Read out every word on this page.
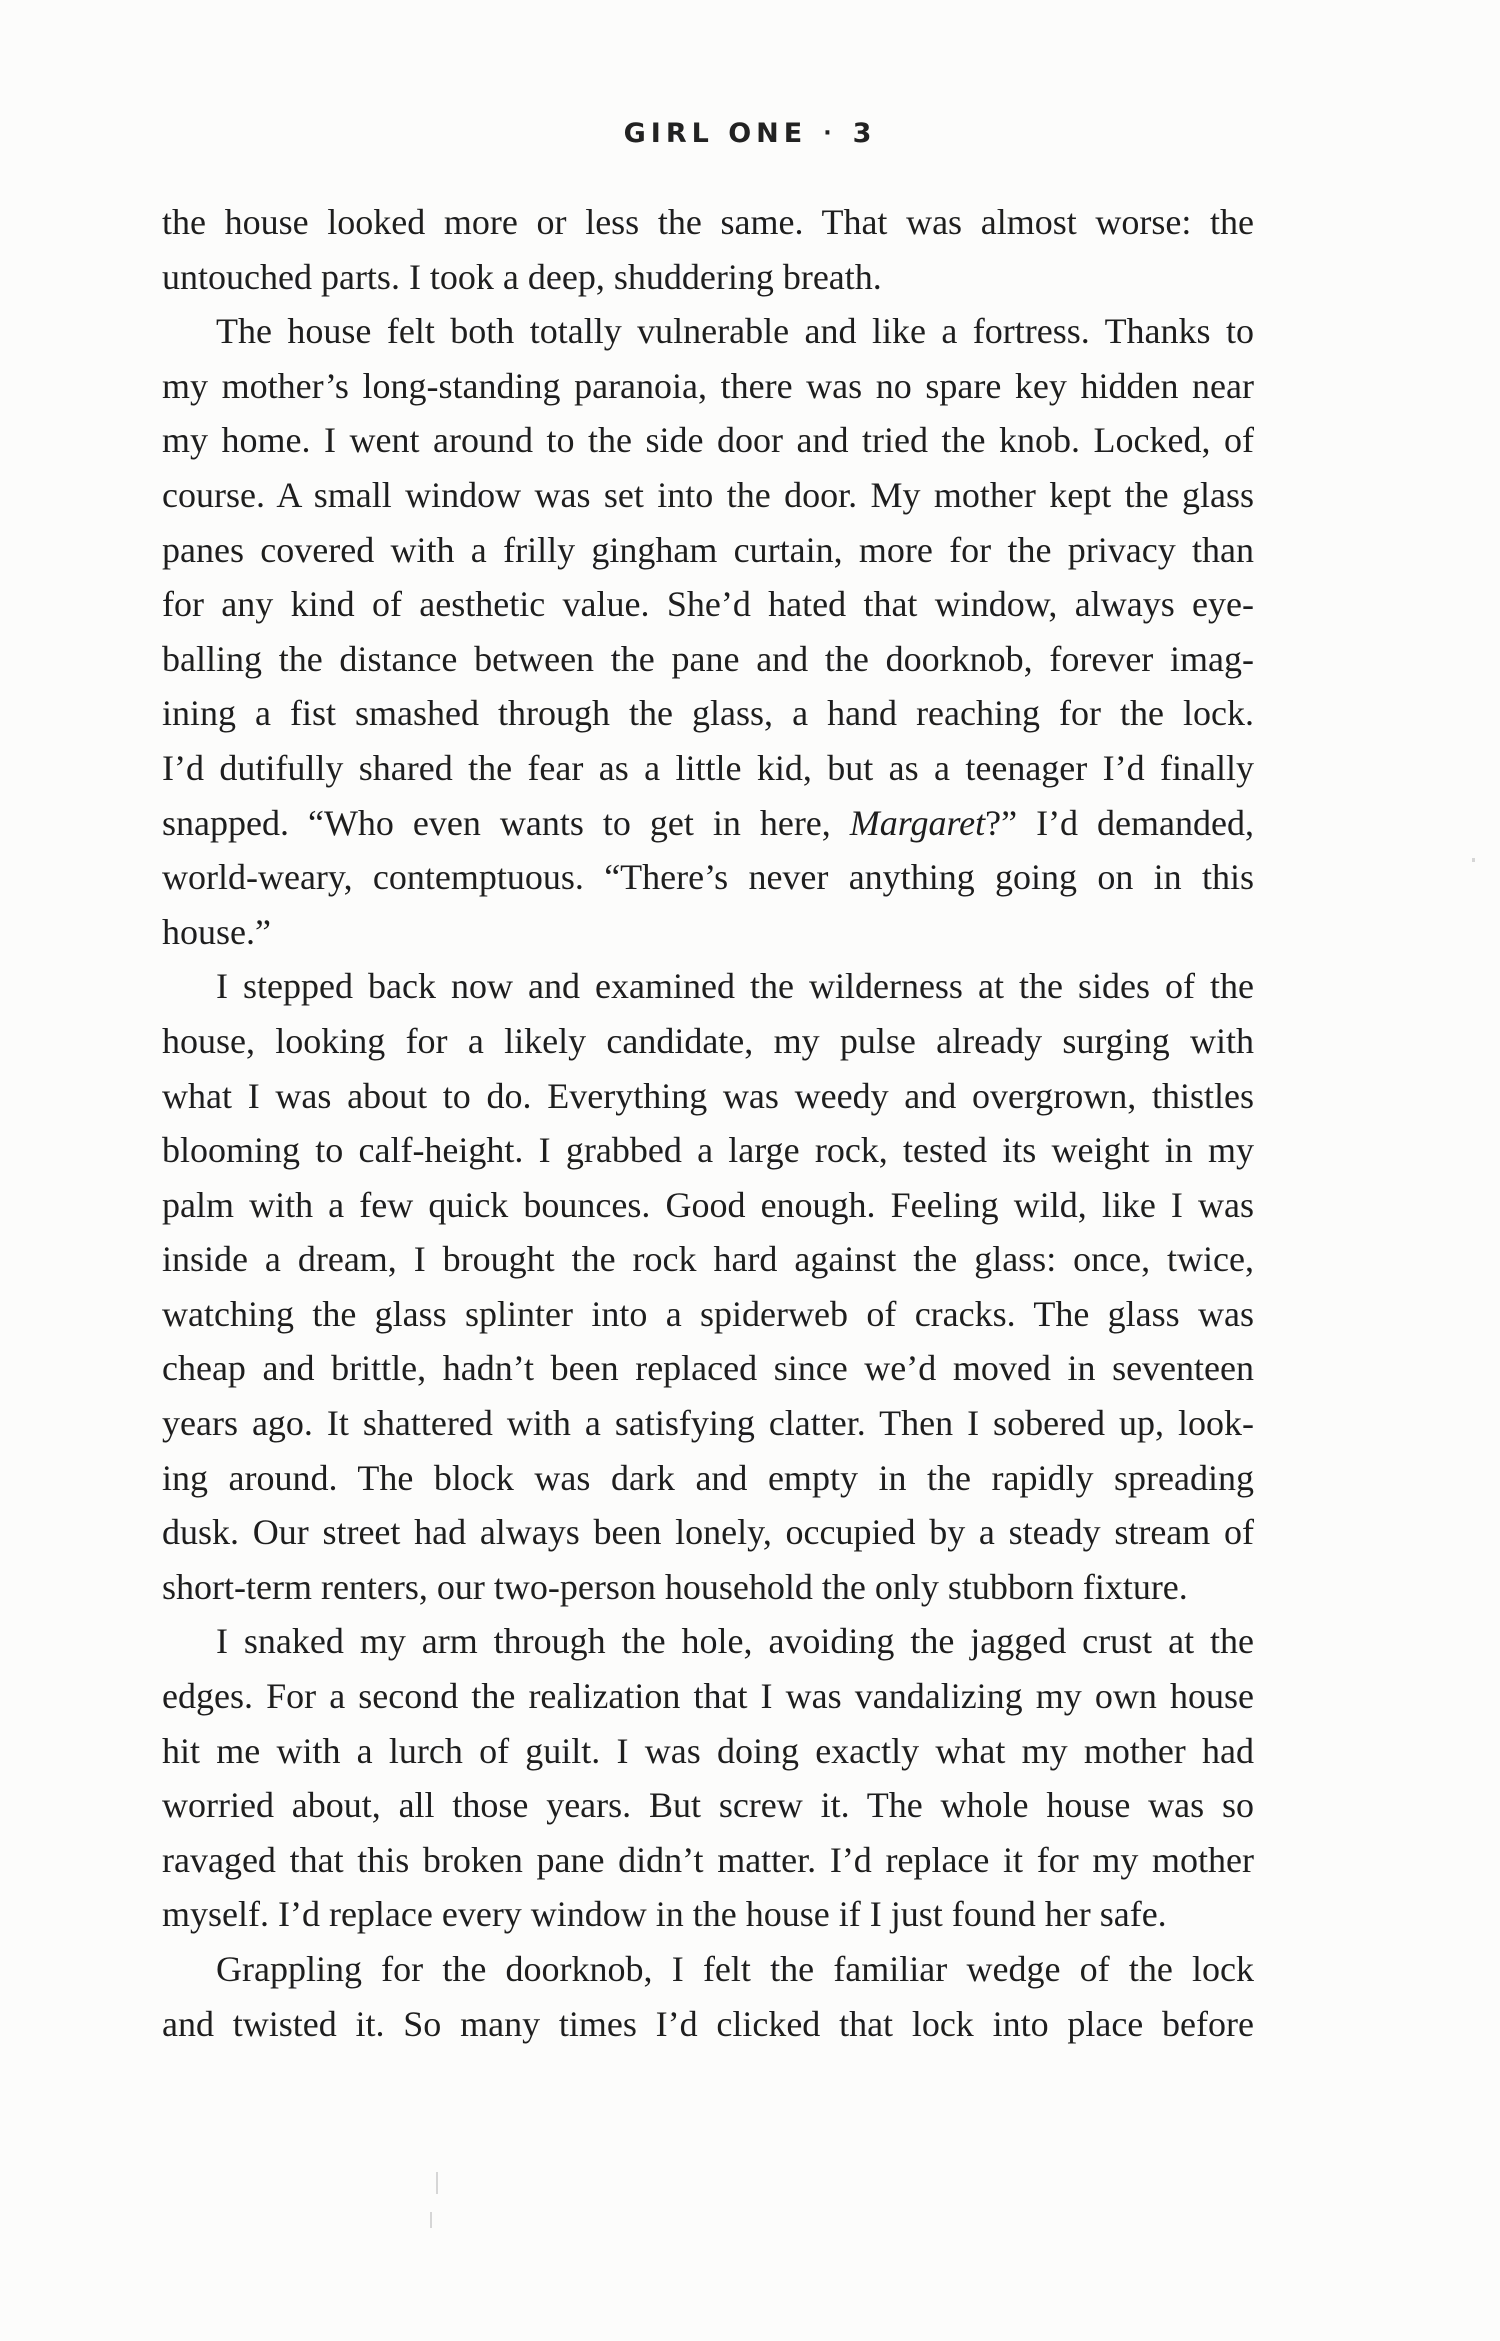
GIRL ONE · 3
the house looked more or less the same. That was almost worse: the
untouched parts. I took a deep, shuddering breath.
The house felt both totally vulnerable and like a fortress. Thanks to
my mother’s long-standing paranoia, there was no spare key hidden near
my home. I went around to the side door and tried the knob. Locked, of
course. A small window was set into the door. My mother kept the glass
panes covered with a frilly gingham curtain, more for the privacy than
for any kind of aesthetic value. She’d hated that window, always eye-
balling the distance between the pane and the doorknob, forever imag-
ining a fist smashed through the glass, a hand reaching for the lock.
I’d dutifully shared the fear as a little kid, but as a teenager I’d finally
snapped. “Who even wants to get in here, Margaret?” I’d demanded,
world-weary, contemptuous. “There’s never anything going on in this
house.”
I stepped back now and examined the wilderness at the sides of the
house, looking for a likely candidate, my pulse already surging with
what I was about to do. Everything was weedy and overgrown, thistles
blooming to calf-height. I grabbed a large rock, tested its weight in my
palm with a few quick bounces. Good enough. Feeling wild, like I was
inside a dream, I brought the rock hard against the glass: once, twice,
watching the glass splinter into a spiderweb of cracks. The glass was
cheap and brittle, hadn’t been replaced since we’d moved in seventeen
years ago. It shattered with a satisfying clatter. Then I sobered up, look-
ing around. The block was dark and empty in the rapidly spreading
dusk. Our street had always been lonely, occupied by a steady stream of
short-term renters, our two-person household the only stubborn fixture.
I snaked my arm through the hole, avoiding the jagged crust at the
edges. For a second the realization that I was vandalizing my own house
hit me with a lurch of guilt. I was doing exactly what my mother had
worried about, all those years. But screw it. The whole house was so
ravaged that this broken pane didn’t matter. I’d replace it for my mother
myself. I’d replace every window in the house if I just found her safe.
Grappling for the doorknob, I felt the familiar wedge of the lock
and twisted it. So many times I’d clicked that lock into place before
